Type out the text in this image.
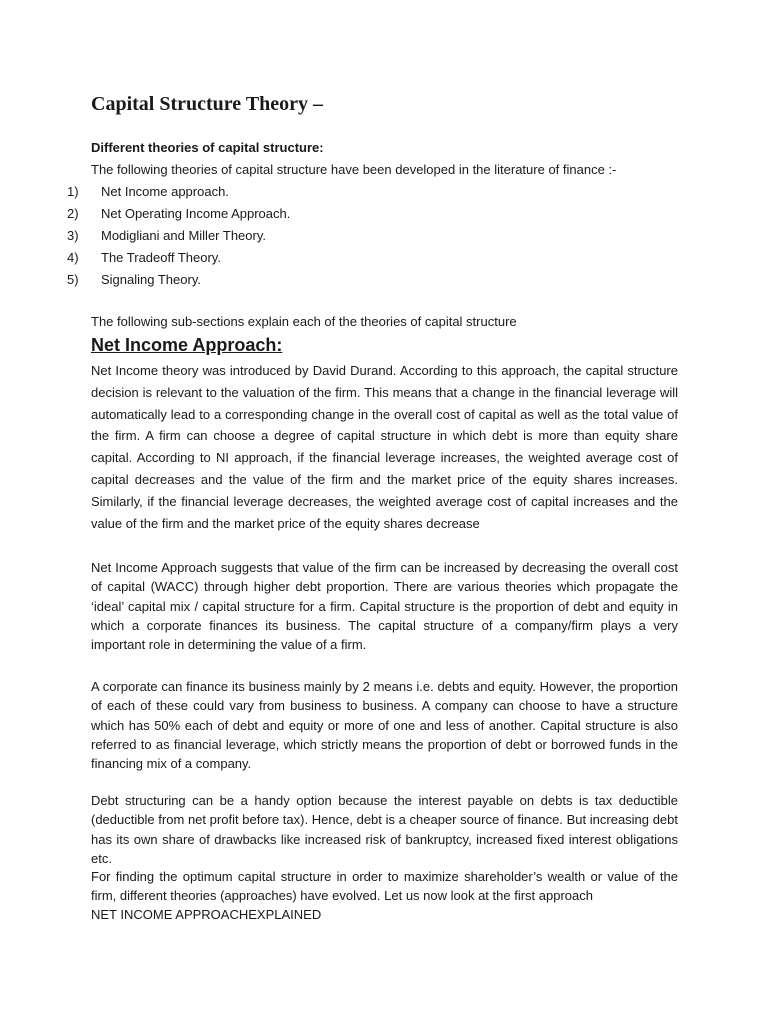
Capital Structure Theory –
Different theories of capital structure:
The following theories of capital structure have been developed in the literature of finance :-
1)	Net Income approach.
2)	Net Operating Income Approach.
3)	Modigliani and Miller Theory.
4)	The Tradeoff Theory.
5)	Signaling Theory.
The following sub-sections explain each of the theories of capital structure
Net Income Approach:

Net Income theory was introduced by David Durand. According to this approach, the capital structure decision is relevant to the valuation of the firm. This means that a change in the financial leverage will automatically lead to a corresponding change in the overall cost of capital as well as the total value of the firm. A firm can choose a degree of capital structure in which debt is more than equity share capital. According to NI approach, if the financial leverage increases, the weighted average cost of capital decreases and the value of the firm and the market price of the equity shares increases. Similarly, if the financial leverage decreases, the weighted average cost of capital increases and the value of the firm and the market price of the equity shares decrease

Net Income Approach suggests that value of the firm can be increased by decreasing the overall cost of capital (WACC) through higher debt proportion. There are various theories which propagate the ‘ideal’ capital mix / capital structure for a firm. Capital structure is the proportion of debt and equity in which a corporate finances its business. The capital structure of a company/firm plays a very important role in determining the value of a firm.

A corporate can finance its business mainly by 2 means i.e. debts and equity. However, the proportion of each of these could vary from business to business. A company can choose to have a structure which has 50% each of debt and equity or more of one and less of another. Capital structure is also referred to as financial leverage, which strictly means the proportion of debt or borrowed funds in the financing mix of a company.

Debt structuring can be a handy option because the interest payable on debts is tax deductible (deductible from net profit before tax). Hence, debt is a cheaper source of finance. But increasing debt has its own share of drawbacks like increased risk of bankruptcy, increased fixed interest obligations etc.

For finding the optimum capital structure in order to maximize shareholder’s wealth or value of the firm, different theories (approaches) have evolved. Let us now look at the first approach

NET INCOME APPROACHEXPLAINED
